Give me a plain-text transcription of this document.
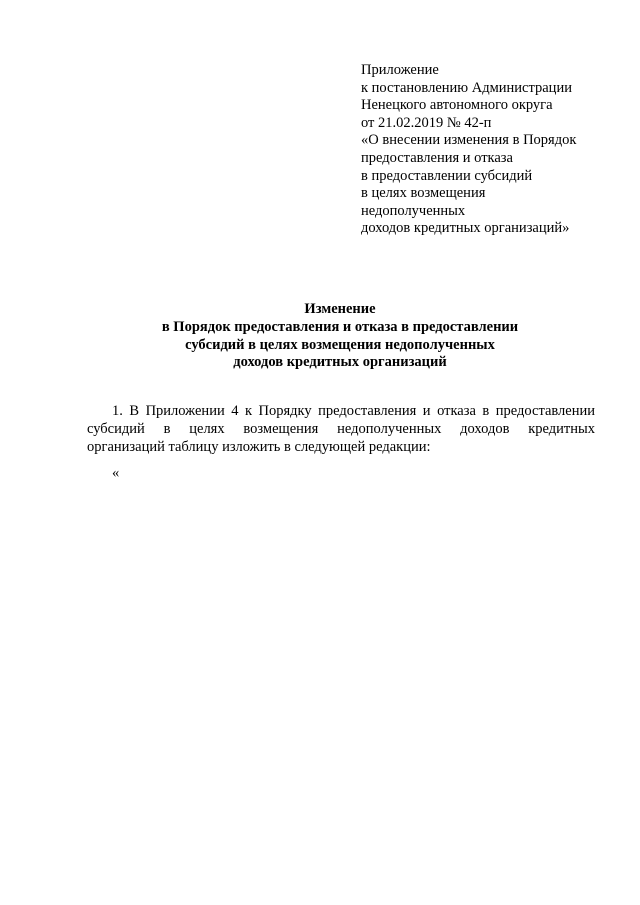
Приложение
к постановлению Администрации
Ненецкого автономного округа
от 21.02.2019 № 42-п
«О внесении изменения в Порядок
предоставления и отказа
в предоставлении субсидий
в целях возмещения
недополученных
доходов кредитных организаций»
Изменение
в Порядок предоставления и отказа в предоставлении
субсидий в целях возмещения недополученных
доходов кредитных организаций
1. В Приложении 4 к Порядку предоставления и отказа в предоставлении
субсидий в целях возмещения недополученных доходов кредитных
организаций таблицу изложить в следующей редакции:
«
